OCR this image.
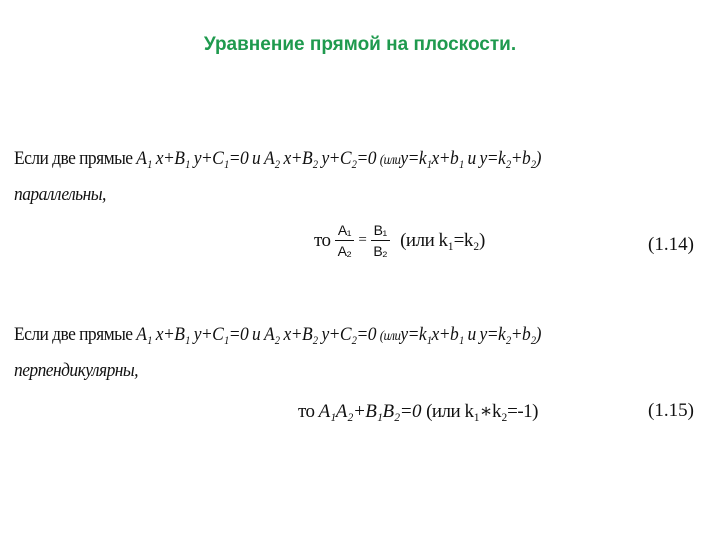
Уравнение прямой на плоскости.
Если две прямые A₁ x+B₁ y+C₁=0 и A₂ x+B₂ y+C₂=0 (илиy=k₁x+b₁ и y=k₂+b₂)
параллельны,
то $\frac{\text{A₁}}{\text{A₂}} = \frac{\text{B₁}}{\text{B₂}} (или$ k₁=k₂)	(1.14)
Если две прямые A₁ x+B₁ y+C₁=0 и A₂ x+B₂ y+C₂=0 (илиy=k₁x+b₁ и y=k₂+b₂)
перпендикулярны,
то A₁A₂+B₁B₂=0 (или k₁∗k₂=-1)	(1.15)
